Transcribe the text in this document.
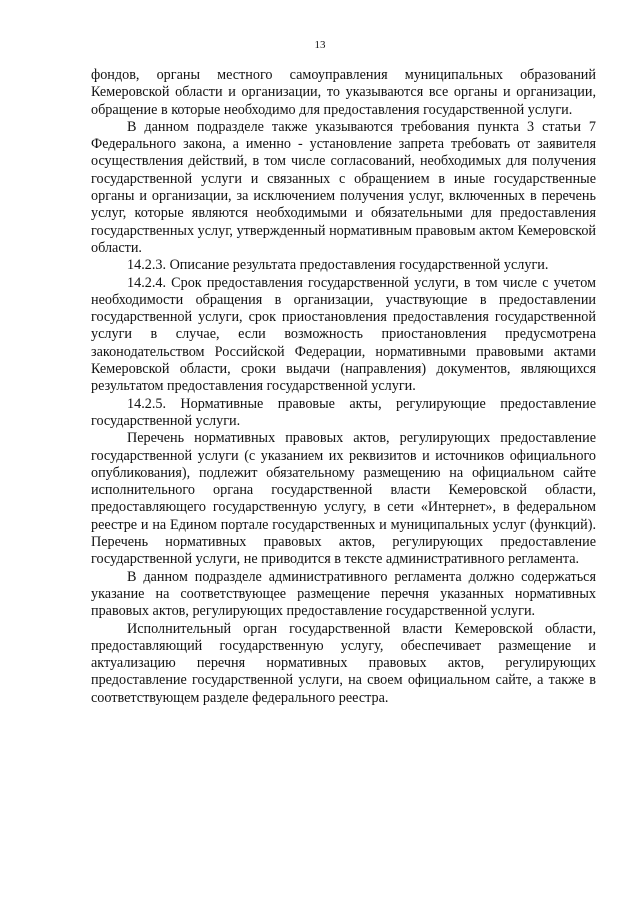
13

фондов, органы местного самоуправления муниципальных образований Кемеровской области и организации, то указываются все органы и организации, обращение в которые необходимо для предоставления государственной услуги.

В данном подразделе также указываются требования пункта 3 статьи 7 Федерального закона, а именно - установление запрета требовать от заявителя осуществления действий, в том числе согласований, необходимых для получения государственной услуги и связанных с обращением в иные государственные органы и организации, за исключением получения услуг, включенных в перечень услуг, которые являются необходимыми и обязательными для предоставления государственных услуг, утвержденный нормативным правовым актом Кемеровской области.

14.2.3. Описание результата предоставления государственной услуги.

14.2.4. Срок предоставления государственной услуги, в том числе с учетом необходимости обращения в организации, участвующие в предоставлении государственной услуги, срок приостановления предоставления государственной услуги в случае, если возможность приостановления предусмотрена законодательством Российской Федерации, нормативными правовыми актами Кемеровской области, сроки выдачи (направления) документов, являющихся результатом предоставления государственной услуги.

14.2.5. Нормативные правовые акты, регулирующие предоставление государственной услуги.

Перечень нормативных правовых актов, регулирующих предоставление государственной услуги (с указанием их реквизитов и источников официального опубликования), подлежит обязательному размещению на официальном сайте исполнительного органа государственной власти Кемеровской области, предоставляющего государственную услугу, в сети «Интернет», в федеральном реестре и на Едином портале государственных и муниципальных услуг (функций). Перечень нормативных правовых актов, регулирующих предоставление государственной услуги, не приводится в тексте административного регламента.

В данном подразделе административного регламента должно содержаться указание на соответствующее размещение перечня указанных нормативных правовых актов, регулирующих предоставление государственной услуги.

Исполнительный орган государственной власти Кемеровской области, предоставляющий государственную услугу, обеспечивает размещение и актуализацию перечня нормативных правовых актов, регулирующих предоставление государственной услуги, на своем официальном сайте, а также в соответствующем разделе федерального реестра.
